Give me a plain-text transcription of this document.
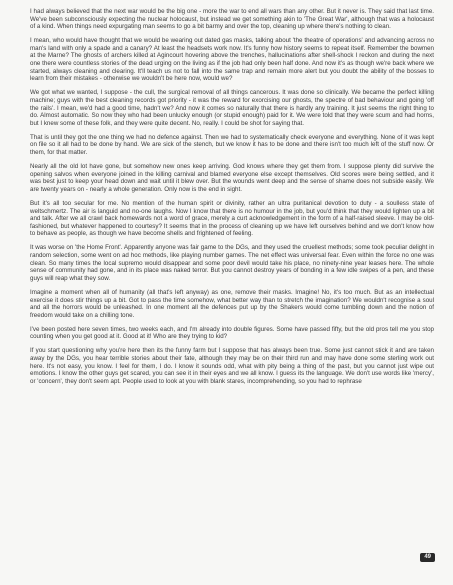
I had always believed that the next war would be the big one - more the war to end all wars than any other. But it never is. They said that last time. We've been subconsciously expecting the nuclear holocaust, but instead we get something akin to 'The Great War', although that was a holocaust of a kind. When things need expurgating man seems to go a bit barmy and over the top, cleaning up where there's nothing to clean.

I mean, who would have thought that we would be wearing out dated gas masks, talking about 'the theatre of operations' and advancing across no man's land with only a spade and a canary? At least the headsets work now. It's funny how history seems to repeat itself. Remember the bowmen at the Marne? The ghosts of archers killed at Agincourt hovering above the trenches, hallucinations after shell-shock I reckon and during the next one there were countless stories of the dead urging on the living as if the job had only been half done. And now it's as though we're back where we started, always cleaning and clearing. It'll teach us not to fall into the same trap and remain more alert but you doubt the ability of the bosses to learn from their mistakes - otherwise we wouldn't be here now, would we?

We got what we wanted, I suppose - the cull, the surgical removal of all things cancerous. It was done so clinically. We became the perfect killing machine; guys with the best cleaning records got priority - it was the reward for exorcising our ghosts, the spectre of bad behaviour and going 'off the rails'. I mean, we'd had a good time, hadn't we? And now it comes so naturally that there is hardly any training. It just seems the right thing to do. Almost automatic. So now they who had been unlucky enough (or stupid enough) paid for it. We were told that they were scum and had horns, but I knew some of these folk, and they were quite decent. No, really. I could be shot for saying that.

That is until they got the one thing we had no defence against. Then we had to systematically check everyone and everything. None of it was kept on file so it all had to be done by hand. We are sick of the stench, but we know it has to be done and there isn't too much left of the stuff now. Or them, for that matter.

Nearly all the old lot have gone, but somehow new ones keep arriving. God knows where they get them from. I suppose plenty did survive the opening salvos when everyone joined in the killing carnival and blamed everyone else except themselves. Old scores were being settled, and it was best just to keep your head down and wait until it blew over. But the wounds went deep and the sense of shame does not subside easily. We are twenty years on - nearly a whole generation. Only now is the end in sight.

But it's all too secular for me. No mention of the human spirit or divinity, rather an ultra puritanical devotion to duty - a soulless state of weltschmertz. The air is languid and no-one laughs. Now I know that there is no humour in the job, but you'd think that they would lighten up a bit and talk. After we all crawl back homewards not a word of grace, merely a curt acknowledgement in the form of a half-raised sleeve. I may be old-fashioned, but whatever happened to courtesy? It seems that in the process of cleaning up we have left ourselves behind and we don't know how to behave as people, as though we have become shells and frightened of feeling.

It was worse on 'the Home Front'. Apparently anyone was fair game to the DGs, and they used the cruellest methods; some took peculiar delight in random selection, some went on ad hoc methods, like playing number games. The net effect was universal fear. Even within the force no one was clean. So many times the local supremo would disappear and some poor devil would take his place, no ninety-nine year leases here. The whole sense of community had gone, and in its place was naked terror. But you cannot destroy years of bonding in a few idle swipes of a pen, and these guys will reap what they sow.

Imagine a moment when all of humanity (all that's left anyway) as one, remove their masks. Imagine! No, it's too much. But as an intellectual exercise it does stir things up a bit. Got to pass the time somehow, what better way than to stretch the imagination? We wouldn't recognise a soul and all the horrors would be unleashed. In one moment all the defences put up by the Shakers would come tumbling down and the notion of freedom would take on a chilling tone.

I've been posted here seven times, two weeks each, and I'm already into double figures. Some have passed fifty, but the old pros tell me you stop counting when you get good at it. Good at it! Who are they trying to kid?

If you start questioning why you're here then its the funny farm but I suppose that has always been true. Some just cannot stick it and are taken away by the DGs, you hear terrible stories about their fate, although they may be on their third run and may have done some sterling work out here. It's not easy, you know. I feel for them, I do. I know it sounds odd, what with pity being a thing of the past, but you cannot just wipe out emotions. I know the other guys get scared, you can see it in their eyes and we all know. I guess its the language. We don't use words like 'mercy', or 'concern', they don't seem apt. People used to look at you with blank stares, incomprehending, so you had to rephrase

49
